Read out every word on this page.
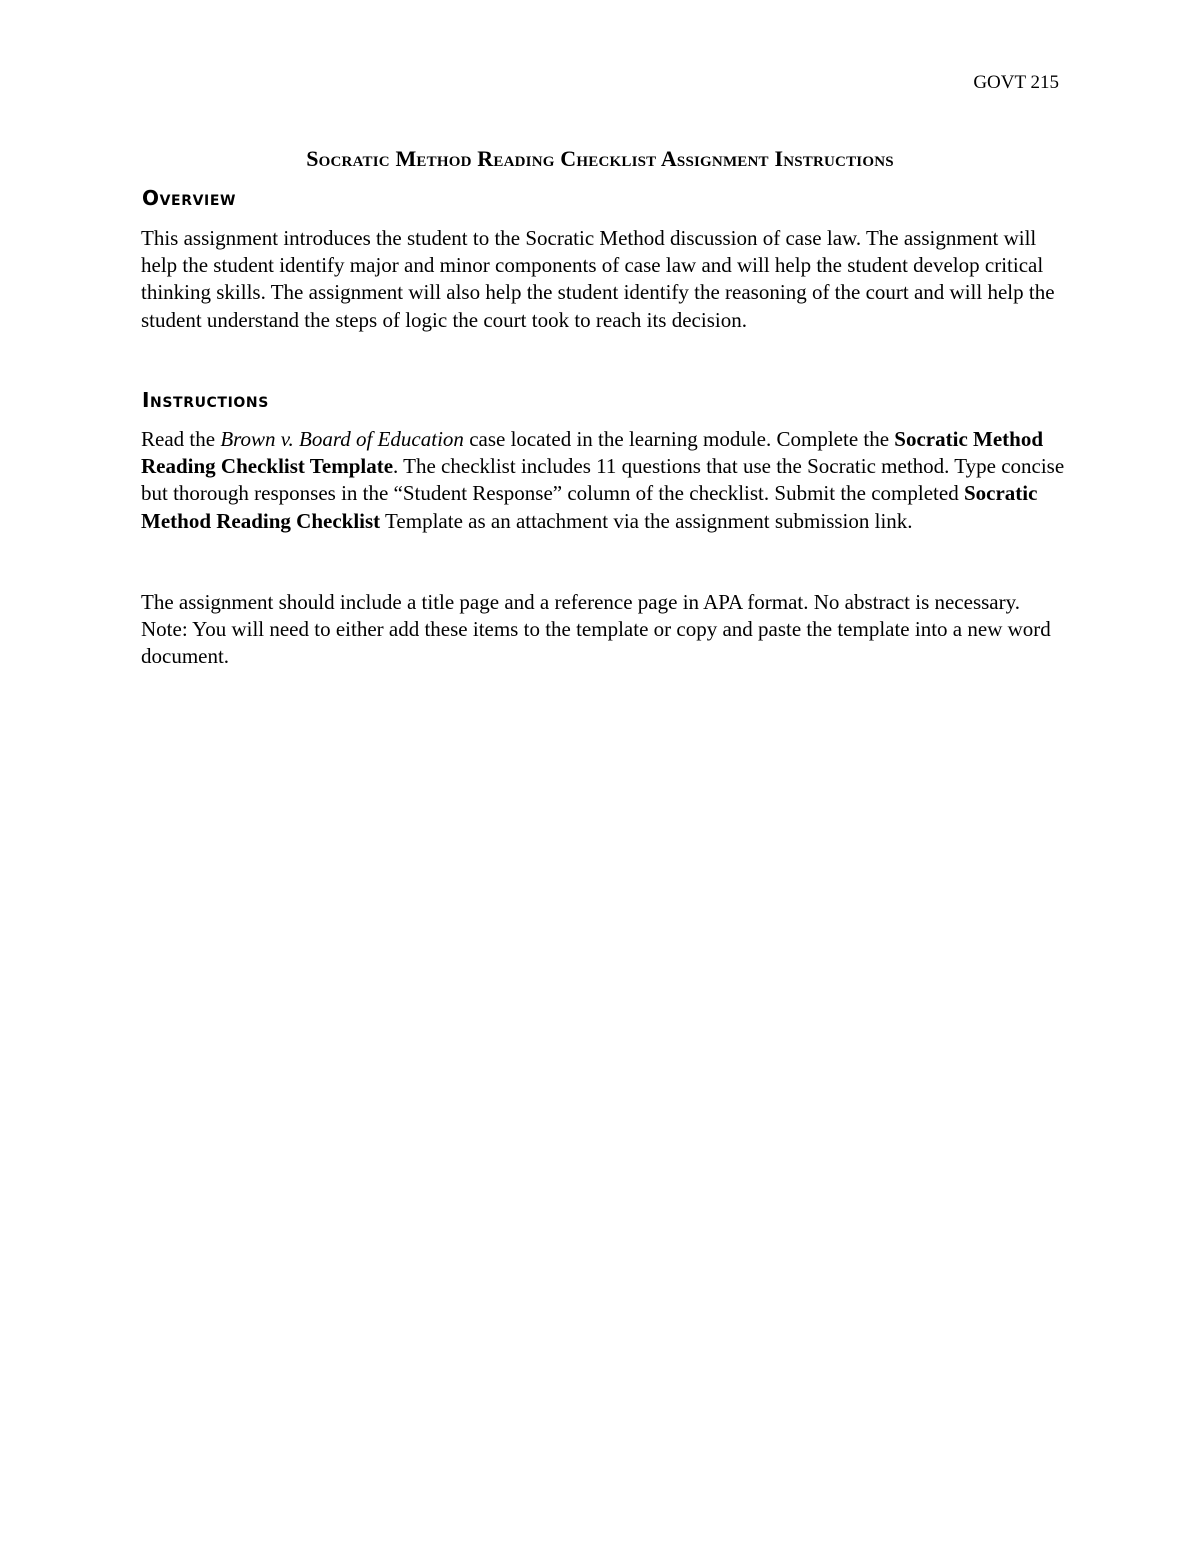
GOVT 215
Socratic Method Reading Checklist Assignment Instructions
Overview

This assignment introduces the student to the Socratic Method discussion of case law. The assignment will help the student identify major and minor components of case law and will help the student develop critical thinking skills. The assignment will also help the student identify the reasoning of the court and will help the student understand the steps of logic the court took to reach its decision.

Instructions

Read the Brown v. Board of Education case located in the learning module. Complete the Socratic Method Reading Checklist Template. The checklist includes 11 questions that use the Socratic method. Type concise but thorough responses in the “Student Response” column of the checklist. Submit the completed Socratic Method Reading Checklist Template as an attachment via the assignment submission link.

The assignment should include a title page and a reference page in APA format. No abstract is necessary. Note: You will need to either add these items to the template or copy and paste the template into a new word document.
